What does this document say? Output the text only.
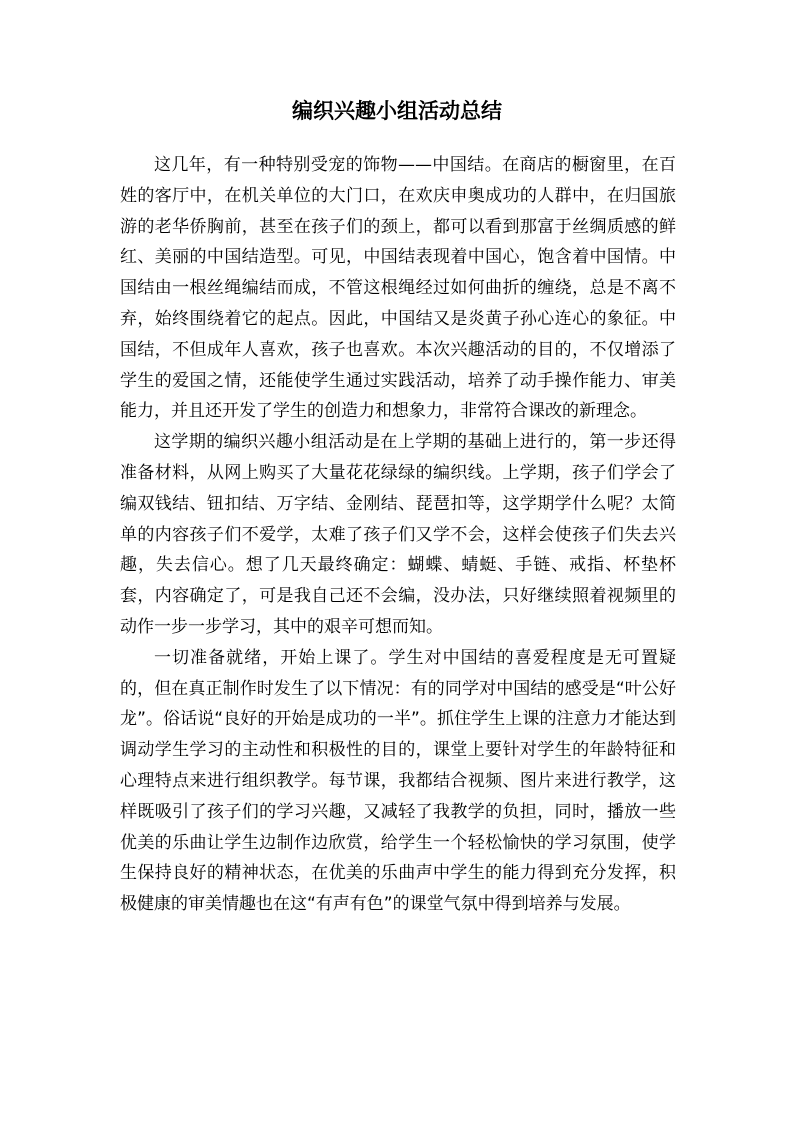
编织兴趣小组活动总结

这几年，有一种特别受宠的饰物——中国结。在商店的橱窗里，在百姓的客厅中，在机关单位的大门口，在欢庆申奥成功的人群中，在归国旅游的老华侨胸前，甚至在孩子们的颈上，都可以看到那富于丝绸质感的鲜红、美丽的中国结造型。可见，中国结表现着中国心，饱含着中国情。中国结由一根丝绳编结而成，不管这根绳经过如何曲折的缠绕，总是不离不弃，始终围绕着它的起点。因此，中国结又是炎黄子孙心连心的象征。中国结，不但成年人喜欢，孩子也喜欢。本次兴趣活动的目的，不仅增添了学生的爱国之情，还能使学生通过实践活动，培养了动手操作能力、审美能力，并且还开发了学生的创造力和想象力，非常符合课改的新理念。

这学期的编织兴趣小组活动是在上学期的基础上进行的，第一步还得准备材料，从网上购买了大量花花绿绿的编织线。上学期，孩子们学会了编双钱结、钮扣结、万字结、金刚结、琵琶扣等，这学期学什么呢？太简单的内容孩子们不爱学，太难了孩子们又学不会，这样会使孩子们失去兴趣，失去信心。想了几天最终确定：蝴蝶、蜻蜓、手链、戒指、杯垫杯套，内容确定了，可是我自己还不会编，没办法，只好继续照着视频里的动作一步一步学习，其中的艰辛可想而知。

一切准备就绪，开始上课了。学生对中国结的喜爱程度是无可置疑的，但在真正制作时发生了以下情况：有的同学对中国结的感受是“叶公好龙”。俗话说“良好的开始是成功的一半”。抓住学生上课的注意力才能达到调动学生学习的主动性和积极性的目的，课堂上要针对学生的年龄特征和心理特点来进行组织教学。每节课，我都结合视频、图片来进行教学，这样既吸引了孩子们的学习兴趣，又减轻了我教学的负担，同时，播放一些优美的乐曲让学生边制作边欣赏，给学生一个轻松愉快的学习氛围，使学生保持良好的精神状态，在优美的乐曲声中学生的能力得到充分发挥，积极健康的审美情趣也在这“有声有色”的课堂气氛中得到培养与发展。
